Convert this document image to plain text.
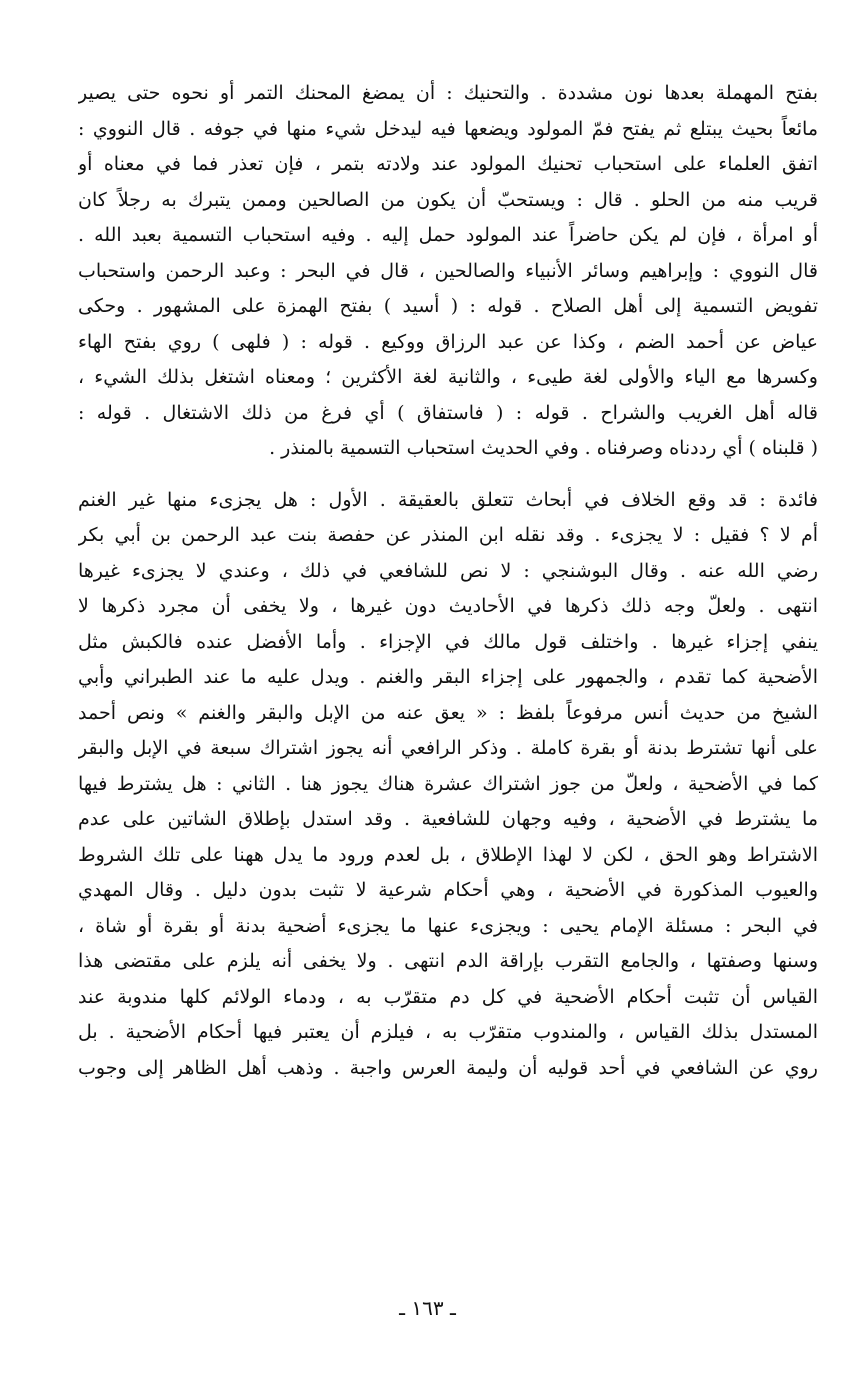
بفتح المهملة بعدها نون مشددة . والتحنيك : أن يمضغ المحنك التمر أو نحوه حتى يصير
مائعاً بحيث يبتلع ثم يفتح فمّ المولود ويضعها فيه ليدخل شيء منها في جوفه . قال النووي :
اتفق العلماء على استحباب تحنيك المولود عند ولادته بتمر ، فإن تعذر فما في معناه أو
قريب منه من الحلو . قال : ويستحبّ أن يكون من الصالحين وممن يتبرك به رجلاً كان
أو امرأة ، فإن لم يكن حاضراً عند المولود حمل إليه . وفيه استحباب التسمية بعبد الله .
قال النووي : وإبراهيم وسائر الأنبياء والصالحين ، قال في البحر : وعبد الرحمن واستحباب
تفويض التسمية إلى أهل الصلاح . قوله : ( أسيد ) بفتح الهمزة على المشهور . وحكى
عياض عن أحمد الضم ، وكذا عن عبد الرزاق ووكيع . قوله : ( فلهى ) روي بفتح الهاء
وكسرها مع الياء والأولى لغة طيىء ، والثانية لغة الأكثرين ؛ ومعناه اشتغل بذلك الشيء ،
قاله أهل الغريب والشراح . قوله : ( فاستفاق ) أي فرغ من ذلك الاشتغال . قوله :
( قلبناه ) أي رددناه وصرفناه . وفي الحديث استحباب التسمية بالمنذر .

فائدة : قد وقع الخلاف في أبحاث تتعلق بالعقيقة . الأول : هل يجزىء منها غير الغنم
أم لا ؟ فقيل : لا يجزىء . وقد نقله ابن المنذر عن حفصة بنت عبد الرحمن بن أبي بكر
رضي الله عنه . وقال البوشنجي : لا نص للشافعي في ذلك ، وعندي لا يجزىء غيرها
انتهى . ولعلّ وجه ذلك ذكرها في الأحاديث دون غيرها ، ولا يخفى أن مجرد ذكرها لا
ينفي إجزاء غيرها . واختلف قول مالك في الإجزاء . وأما الأفضل عنده فالكبش مثل
الأضحية كما تقدم ، والجمهور على إجزاء البقر والغنم . ويدل عليه ما عند الطبراني وأبي
الشيخ من حديث أنس مرفوعاً بلفظ : « يعق عنه من الإبل والبقر والغنم » ونص أحمد
على أنها تشترط بدنة أو بقرة كاملة . وذكر الرافعي أنه يجوز اشتراك سبعة في الإبل والبقر
كما في الأضحية ، ولعلّ من جوز اشتراك عشرة هناك يجوز هنا . الثاني : هل يشترط فيها
ما يشترط في الأضحية ، وفيه وجهان للشافعية . وقد استدل بإطلاق الشاتين على عدم
الاشتراط وهو الحق ، لكن لا لهذا الإطلاق ، بل لعدم ورود ما يدل ههنا على تلك الشروط
والعيوب المذكورة في الأضحية ، وهي أحكام شرعية لا تثبت بدون دليل . وقال المهدي
في البحر : مسئلة الإمام يحيى : ويجزىء عنها ما يجزىء أضحية بدنة أو بقرة أو شاة ،
وسنها وصفتها ، والجامع التقرب بإراقة الدم انتهى . ولا يخفى أنه يلزم على مقتضى هذا
القياس أن تثبت أحكام الأضحية في كل دم متقرّب به ، ودماء الولائم كلها مندوبة عند
المستدل بذلك القياس ، والمندوب متقرّب به ، فيلزم أن يعتبر فيها أحكام الأضحية . بل
روي عن الشافعي في أحد قوليه أن وليمة العرس واجبة . وذهب أهل الظاهر إلى وجوب

ـ ١٦٣ ـ
